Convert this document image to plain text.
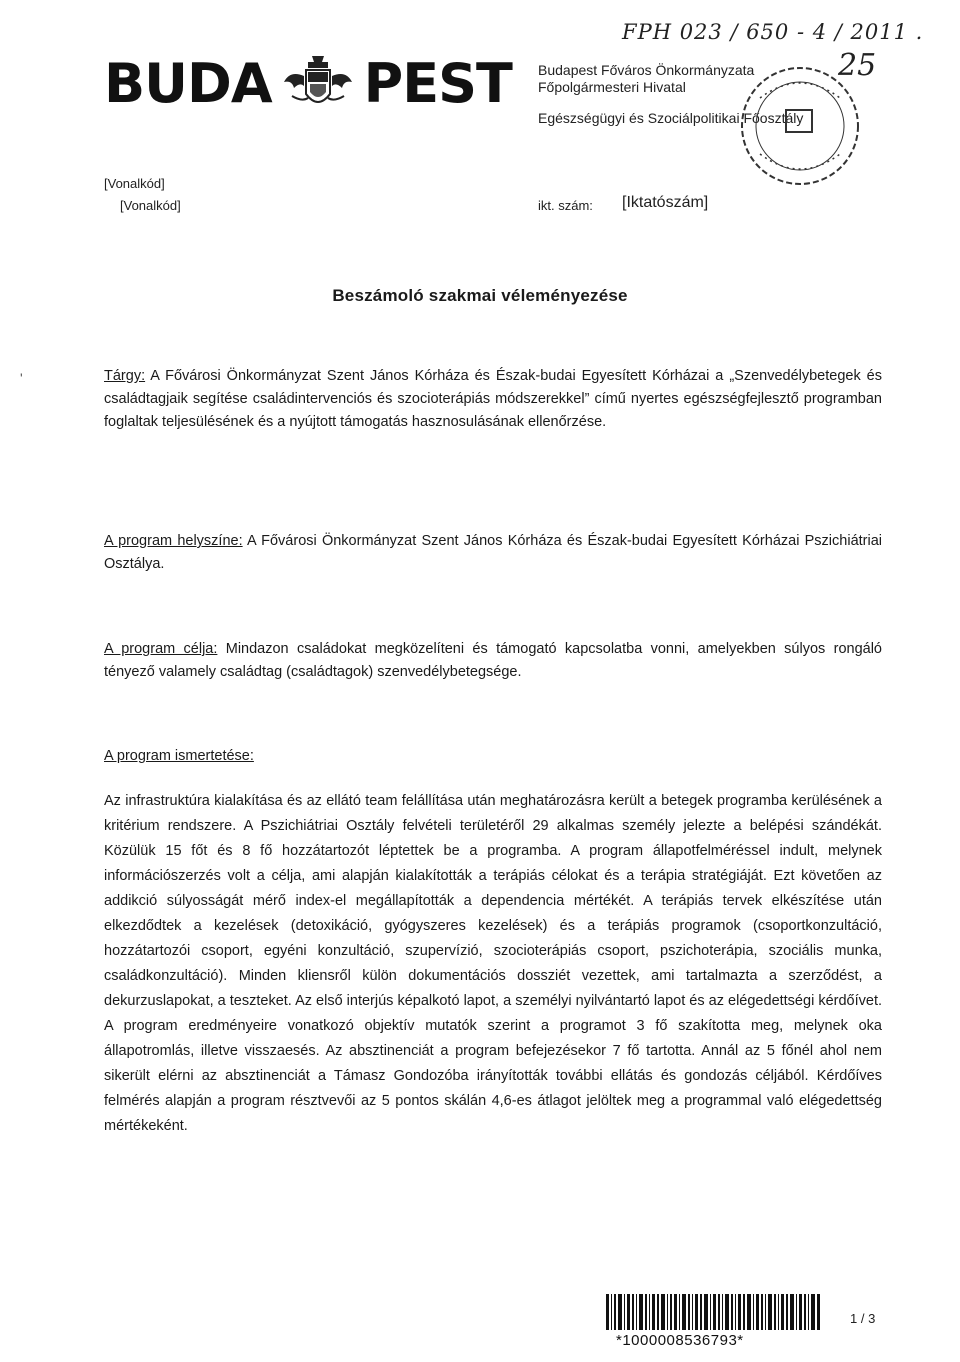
FPH 023 / 650 - 4 / 2011 .
25
BUDA PEST Budapest Főváros Önkormányzata
Főpolgármesteri Hivatal
Egészségügyi és Szociálpolitikai Főosztály
[Vonalkód]
[Vonalkód]	ikt. szám: [Iktatószám]
Beszámoló szakmai véleményezése
'	Tárgy: A Fővárosi Önkormányzat Szent János Kórháza és Észak-budai Egyesített Kórházai a „Szenvedélybetegek és családtagjaik segítése családintervenciós és szocioterápiás módszerekkel” című nyertes egészségfejlesztő programban foglaltak teljesülésének és a nyújtott támogatás hasznosulásának ellenőrzése.

A program helyszíne: A Fővárosi Önkormányzat Szent János Kórháza és Észak-budai Egyesített Kórházai Pszichiátriai Osztálya.

A program célja: Mindazon családokat megközelíteni és támogató kapcsolatba vonni, amelyekben súlyos rongáló tényező valamely családtag (családtagok) szenvedélybetegsége.

A program ismertetése:

Az infrastruktúra kialakítása és az ellátó team felállítása után meghatározásra került a betegek programba kerülésének a kritérium rendszere. A Pszichiátriai Osztály felvételi területéről 29 alkalmas személy jelezte a belépési szándékát. Közülük 15 főt és 8 fő hozzátartozót léptettek be a programba. A program állapotfelméréssel indult, melynek információszerzés volt a célja, ami alapján kialakították a terápiás célokat és a terápia stratégiáját. Ezt követően az addikció súlyosságát mérő index-el megállapították a dependencia mértékét. A terápiás tervek elkészítése után elkezdődtek a kezelések (detoxikáció, gyógyszeres kezelések) és a terápiás programok (csoportkonzultáció, hozzátartozói csoport, egyéni konzultáció, szupervízió, szocioterápiás csoport, pszichoterápia, szociális munka, családkonzultáció). Minden kliensről külön dokumentációs dossziét vezettek, ami tartalmazta a szerződést, a dekurzuslapokat, a teszteket. Az első interjús képalkotó lapot, a személyi nyilvántartó lapot és az elégedettségi kérdőívet. A program eredményeire vonatkozó objektív mutatók szerint a programot 3 fő szakította meg, melynek oka állapotromlás, illetve visszaesés. Az absztinenciát a program befejezésekor 7 fő tartotta. Annál az 5 főnél ahol nem sikerült elérni az absztinenciát a Támasz Gondozóba irányították további ellátás és gondozás céljából. Kérdőíves felmérés alapján a program résztvevői az 5 pontos skálán 4,6-es átlagot jelöltek meg a programmal való elégedettség mértékeként.

*1000008536793*
1 / 3
